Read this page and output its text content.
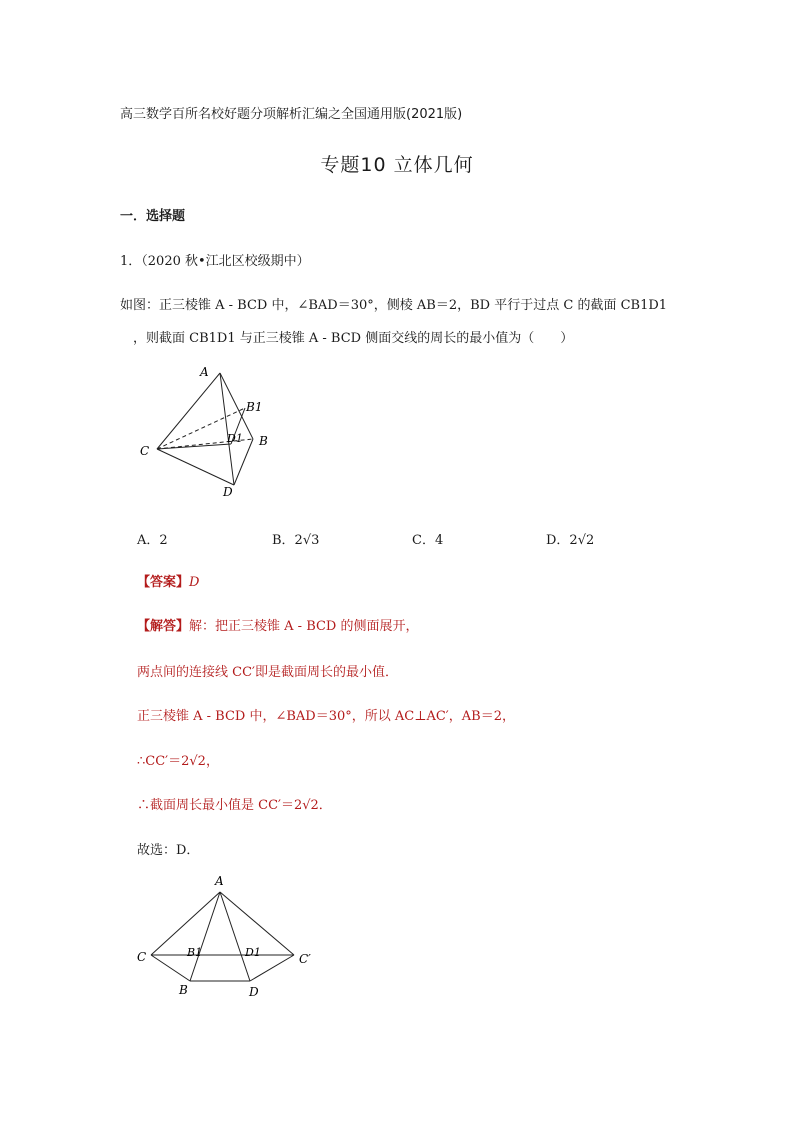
高三数学百所名校好题分项解析汇编之全国通用版(2021版)
专题10 立体几何
一．选择题
1．（2020 秋•江北区校级期中）
如图：正三棱锥 A - BCD 中，∠BAD＝30°，侧棱 AB＝2，BD 平行于过点 C 的截面 CB1D1
，则截面 CB1D1 与正三棱锥 A - BCD 侧面交线的周长的最小值为（　　）
A
B1
D1 B
C
D
A．2	B．2√3	C．4	D．2√2
【答案】D
【解答】解：把正三棱锥 A - BCD 的侧面展开，
两点间的连接线 CC′即是截面周长的最小值．
正三棱锥 A - BCD 中，∠BAD＝30°，所以 AC⊥AC′，AB＝2，
∴CC′＝2√2，
∴截面周长最小值是 CC′＝2√2．
故选：D．
A
C	B1	D1	C′
B	D
